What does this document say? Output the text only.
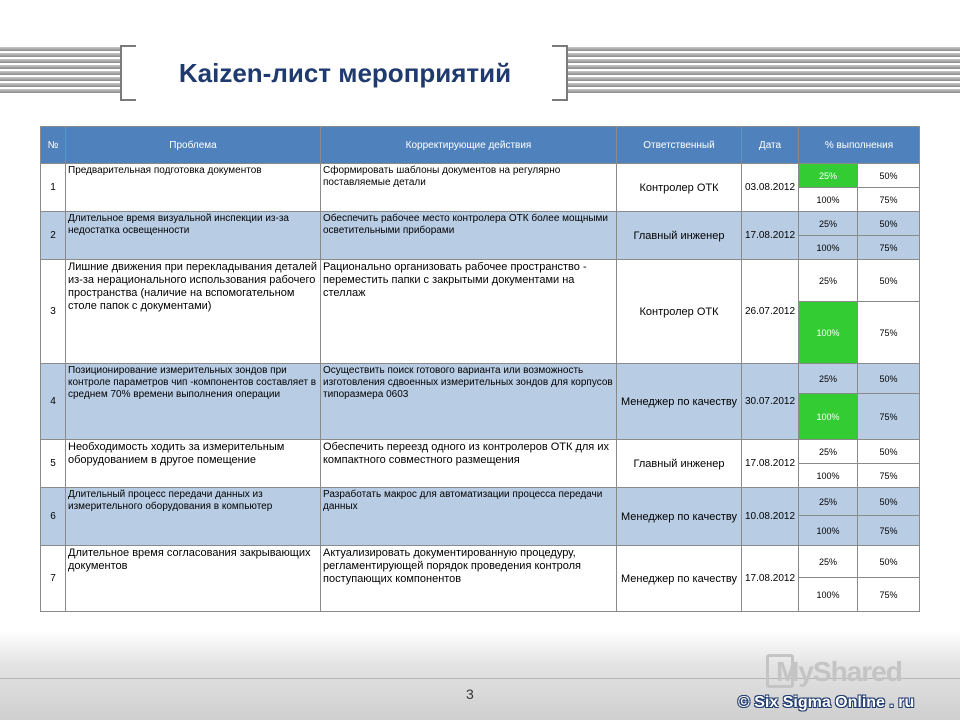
Kaizen-лист мероприятий
№	Проблема	Корректирующие действия	Ответственный	Дата	% выполнения	
1	Предварительная подготовка документов	Сформировать шаблоны документов на регулярно поставляемые детали	Контролер ОТК	03.08.2012	25%	50%
					100%	75%
2	Длительное время визуальной инспекции из-за недостатка освещенности	Обеспечить рабочее место контролера ОТК более мощными осветительными приборами	Главный инженер	17.08.2012	25%	50%
					100%	75%
3	Лишние движения при перекладывания деталей из-за нерационального использования рабочего пространства (наличие на вспомогательном столе папок с документами)	Рационально организовать рабочее пространство - переместить папки с закрытыми документами на стеллаж	Контролер ОТК	26.07.2012	25%	50%
					100%	75%
4	Позиционирование измерительных зондов при контроле параметров чип -компонентов составляет в среднем 70% времени выполнения операции	Осуществить поиск готового варианта или возможность изготовления сдвоенных измерительных зондов для корпусов типоразмера 0603	Менеджер по качеству	30.07.2012	25%	50%
					100%	75%
5	Необходимость ходить за измерительным оборудованием в другое помещение	Обеспечить переезд одного из контролеров ОТК для их компактного совместного размещения	Главный инженер	17.08.2012	25%	50%
					100%	75%
6	Длительный процесс передачи данных из измерительного оборудования в компьютер	Разработать макрос для автоматизации процесса передачи данных	Менеджер по качеству	10.08.2012	25%	50%
					100%	75%
7	Длительное время согласования закрывающих документов	Актуализировать документированную процедуру, регламентирующей порядок проведения контроля поступающих компонентов	Менеджер по качеству	17.08.2012	25%	50%
					100%	75%
3
MyShared
© Six Sigma Online . ru
